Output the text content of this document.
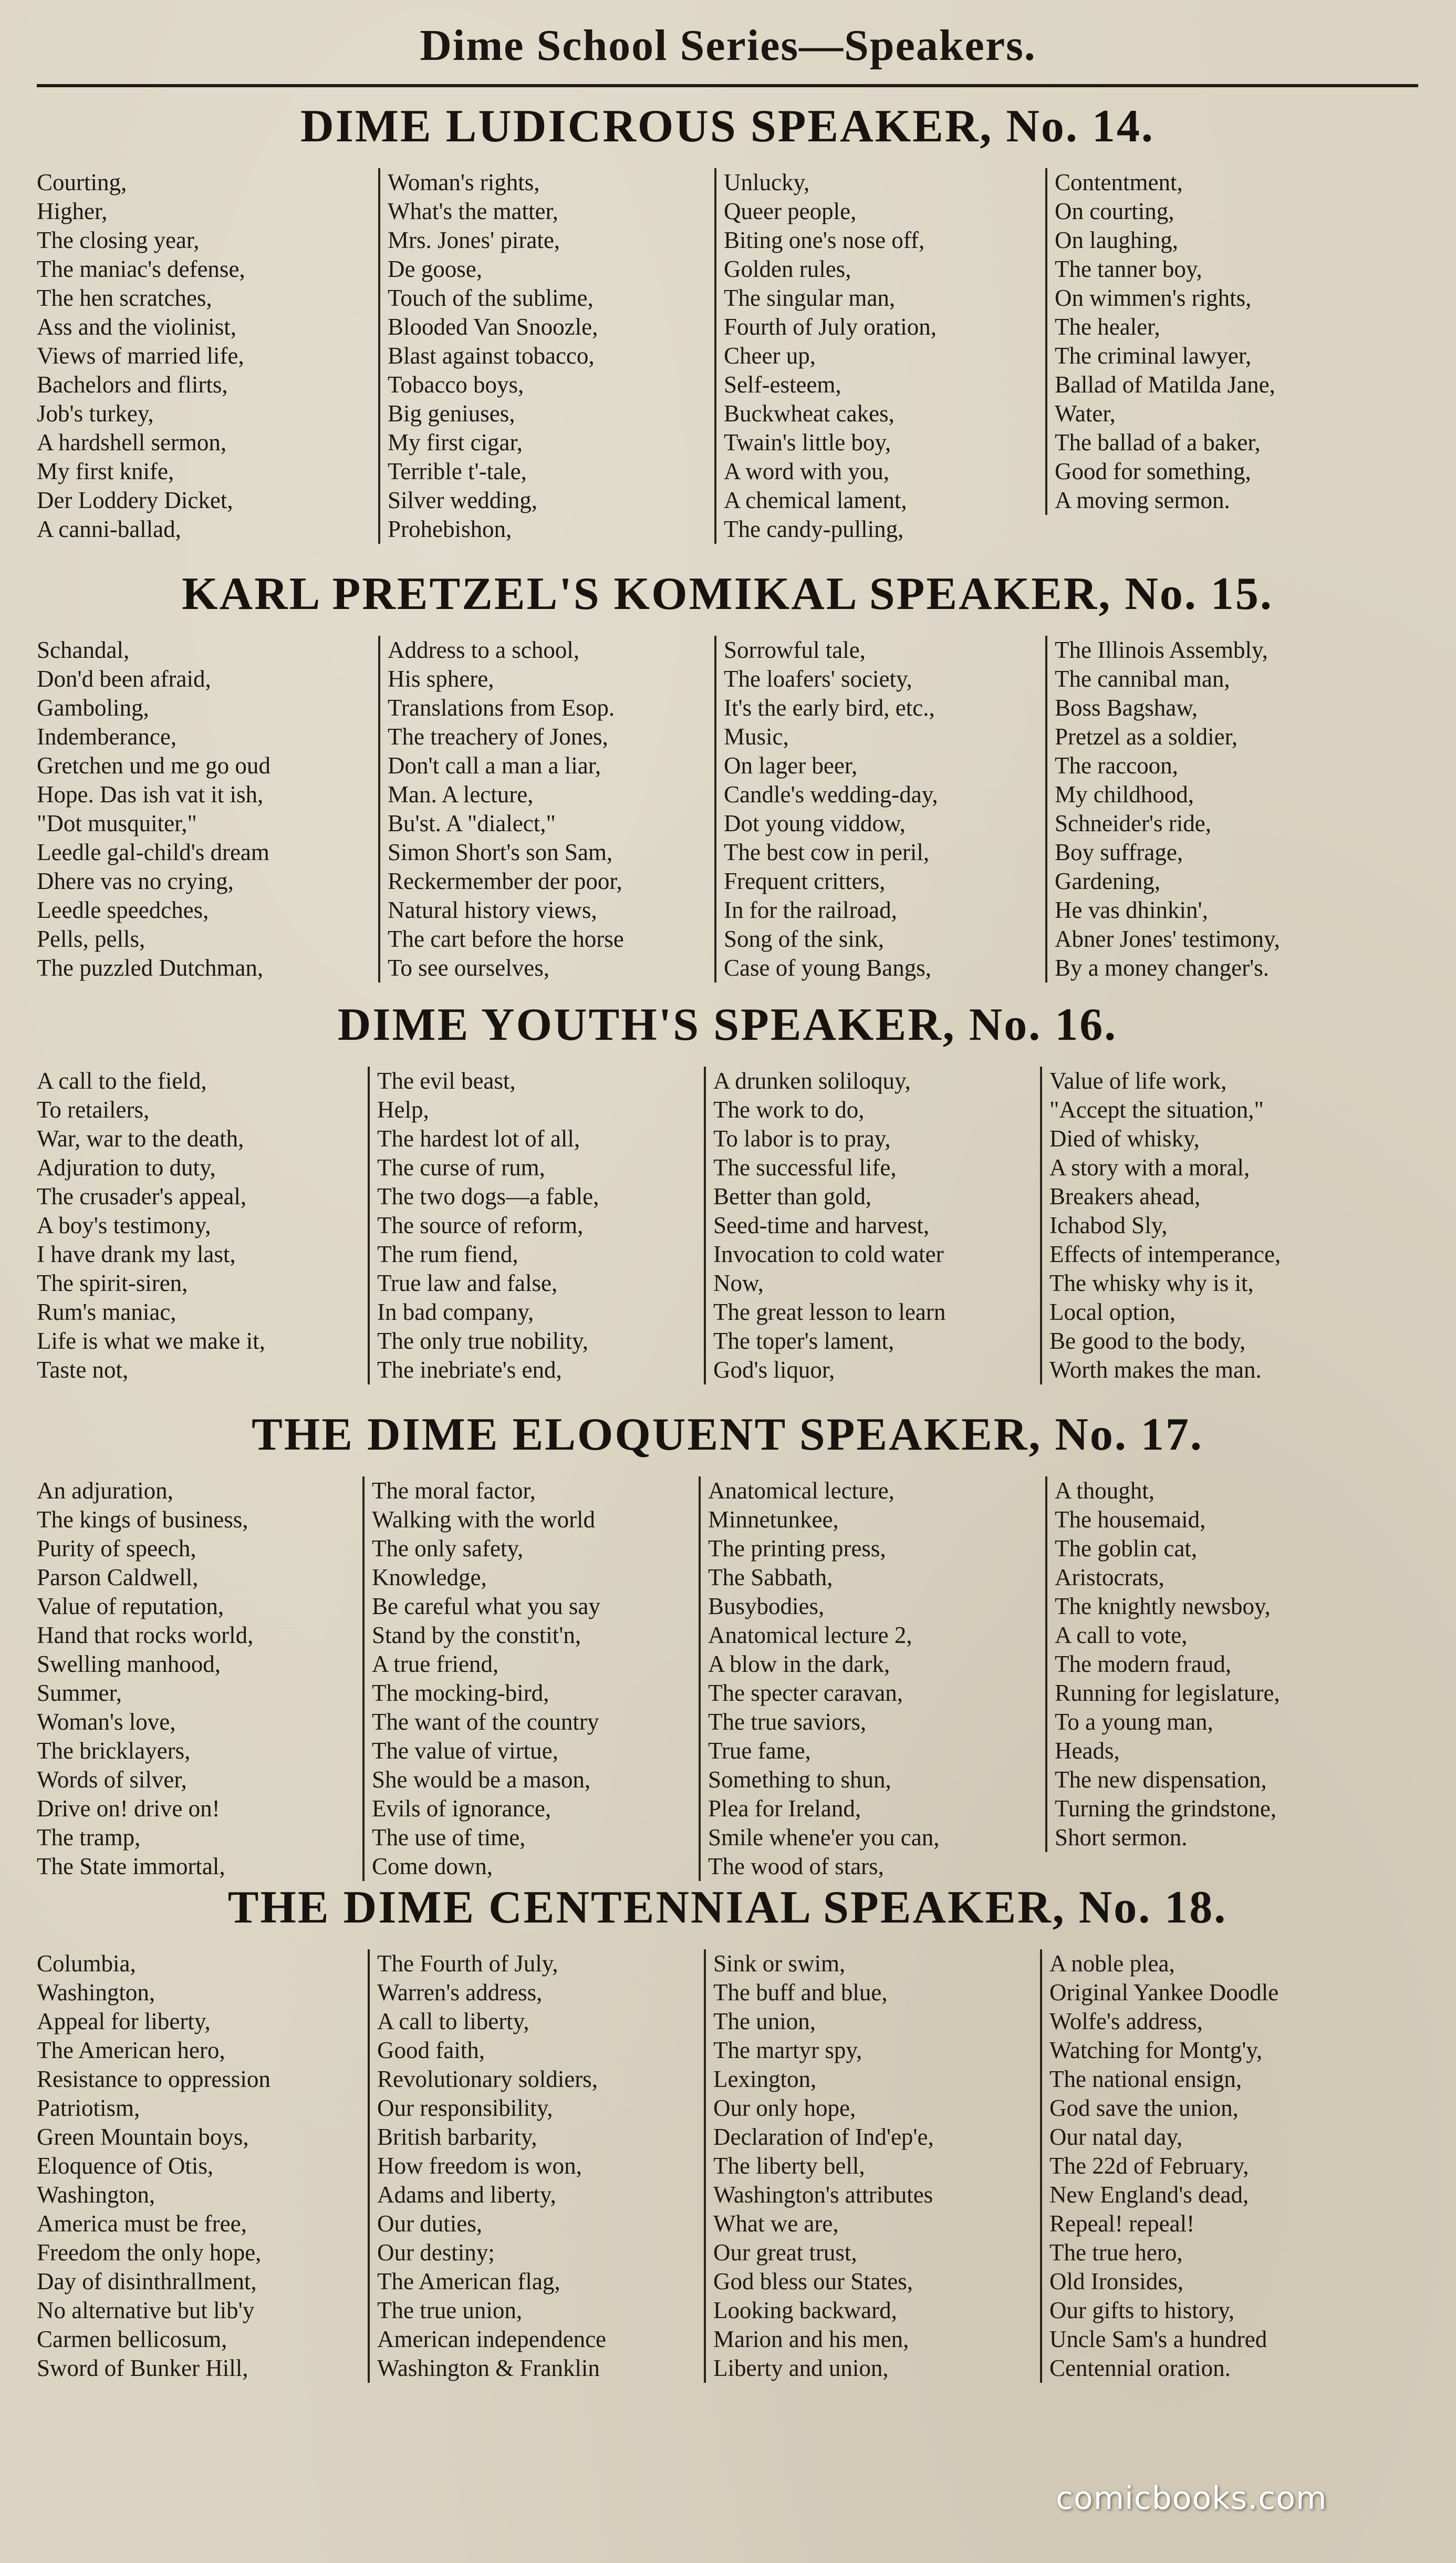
Dime School Series—Speakers.
DIME LUDICROUS SPEAKER, No. 14.
Courting,
Higher,
The closing year,
The maniac's defense,
The hen scratches,
Ass and the violinist,
Views of married life,
Bachelors and flirts,
Job's turkey,
A hardshell sermon,
My first knife,
Der Loddery Dicket,
A canni-ballad,
Woman's rights,
What's the matter,
Mrs. Jones' pirate,
De goose,
Touch of the sublime,
Blooded Van Snoozle,
Blast against tobacco,
Tobacco boys,
Big geniuses,
My first cigar,
Terrible t'-tale,
Silver wedding,
Prohebishon,
Unlucky,
Queer people,
Biting one's nose off,
Golden rules,
The singular man,
Fourth of July oration,
Cheer up,
Self-esteem,
Buckwheat cakes,
Twain's little boy,
A word with you,
A chemical lament,
The candy-pulling,
Contentment,
On courting,
On laughing,
The tanner boy,
On wimmen's rights,
The healer,
The criminal lawyer,
Ballad of Matilda Jane,
Water,
The ballad of a baker,
Good for something,
A moving sermon.
KARL PRETZEL'S KOMIKAL SPEAKER, No. 15.
Schandal,
Don'd been afraid,
Gamboling,
Indemberance,
Gretchen und me go oud
Hope. Das ish vat it ish,
"Dot musquiter,"
Leedle gal-child's dream
Dhere vas no crying,
Leedle speedches,
Pells, pells,
The puzzled Dutchman,
Address to a school,
His sphere,
Translations from Esop.
The treachery of Jones,
Don't call a man a liar,
Man. A lecture,
Bu'st. A "dialect,"
Simon Short's son Sam,
Reckermember der poor,
Natural history views,
The cart before the horse
To see ourselves,
Sorrowful tale,
The loafers' society,
It's the early bird, etc.,
Music,
On lager beer,
Candle's wedding-day,
Dot young viddow,
The best cow in peril,
Frequent critters,
In for the railroad,
Song of the sink,
Case of young Bangs,
The Illinois Assembly,
The cannibal man,
Boss Bagshaw,
Pretzel as a soldier,
The raccoon,
My childhood,
Schneider's ride,
Boy suffrage,
Gardening,
He vas dhinkin',
Abner Jones' testimony,
By a money changer's.
DIME YOUTH'S SPEAKER, No. 16.
A call to the field,
To retailers,
War, war to the death,
Adjuration to duty,
The crusader's appeal,
A boy's testimony,
I have drank my last,
The spirit-siren,
Rum's maniac,
Life is what we make it,
Taste not,
The evil beast,
Help,
The hardest lot of all,
The curse of rum,
The two dogs—a fable,
The source of reform,
The rum fiend,
True law and false,
In bad company,
The only true nobility,
The inebriate's end,
A drunken soliloquy,
The work to do,
To labor is to pray,
The successful life,
Better than gold,
Seed-time and harvest,
Invocation to cold water
Now,
The great lesson to learn
The toper's lament,
God's liquor,
Value of life work,
"Accept the situation,"
Died of whisky,
A story with a moral,
Breakers ahead,
Ichabod Sly,
Effects of intemperance,
The whisky why is it,
Local option,
Be good to the body,
Worth makes the man.
THE DIME ELOQUENT SPEAKER, No. 17.
An adjuration,
The kings of business,
Purity of speech,
Parson Caldwell,
Value of reputation,
Hand that rocks world,
Swelling manhood,
Summer,
Woman's love,
The bricklayers,
Words of silver,
Drive on! drive on!
The tramp,
The State immortal,
The moral factor,
Walking with the world
The only safety,
Knowledge,
Be careful what you say
Stand by the constit'n,
A true friend,
The mocking-bird,
The want of the country
The value of virtue,
She would be a mason,
Evils of ignorance,
The use of time,
Come down,
Anatomical lecture,
Minnetunkee,
The printing press,
The Sabbath,
Busybodies,
Anatomical lecture 2,
A blow in the dark,
The specter caravan,
The true saviors,
True fame,
Something to shun,
Plea for Ireland,
Smile whene'er you can,
The wood of stars,
A thought,
The housemaid,
The goblin cat,
Aristocrats,
The knightly newsboy,
A call to vote,
The modern fraud,
Running for legislature,
To a young man,
Heads,
The new dispensation,
Turning the grindstone,
Short sermon.
THE DIME CENTENNIAL SPEAKER, No. 18.
Columbia,
Washington,
Appeal for liberty,
The American hero,
Resistance to oppression
Patriotism,
Green Mountain boys,
Eloquence of Otis,
Washington,
America must be free,
Freedom the only hope,
Day of disinthrallment,
No alternative but lib'y
Carmen bellicosum,
Sword of Bunker Hill,
The Fourth of July,
Warren's address,
A call to liberty,
Good faith,
Revolutionary soldiers,
Our responsibility,
British barbarity,
How freedom is won,
Adams and liberty,
Our duties,
Our destiny;
The American flag,
The true union,
American independence
Washington & Franklin
Sink or swim,
The buff and blue,
The union,
The martyr spy,
Lexington,
Our only hope,
Declaration of Ind'ep'e,
The liberty bell,
Washington's attributes
What we are,
Our great trust,
God bless our States,
Looking backward,
Marion and his men,
Liberty and union,
A noble plea,
Original Yankee Doodle
Wolfe's address,
Watching for Montg'y,
The national ensign,
God save the union,
Our natal day,
The 22d of February,
New England's dead,
Repeal! repeal!
The true hero,
Old Ironsides,
Our gifts to history,
Uncle Sam's a hundred
Centennial oration.
comicbooks.com
